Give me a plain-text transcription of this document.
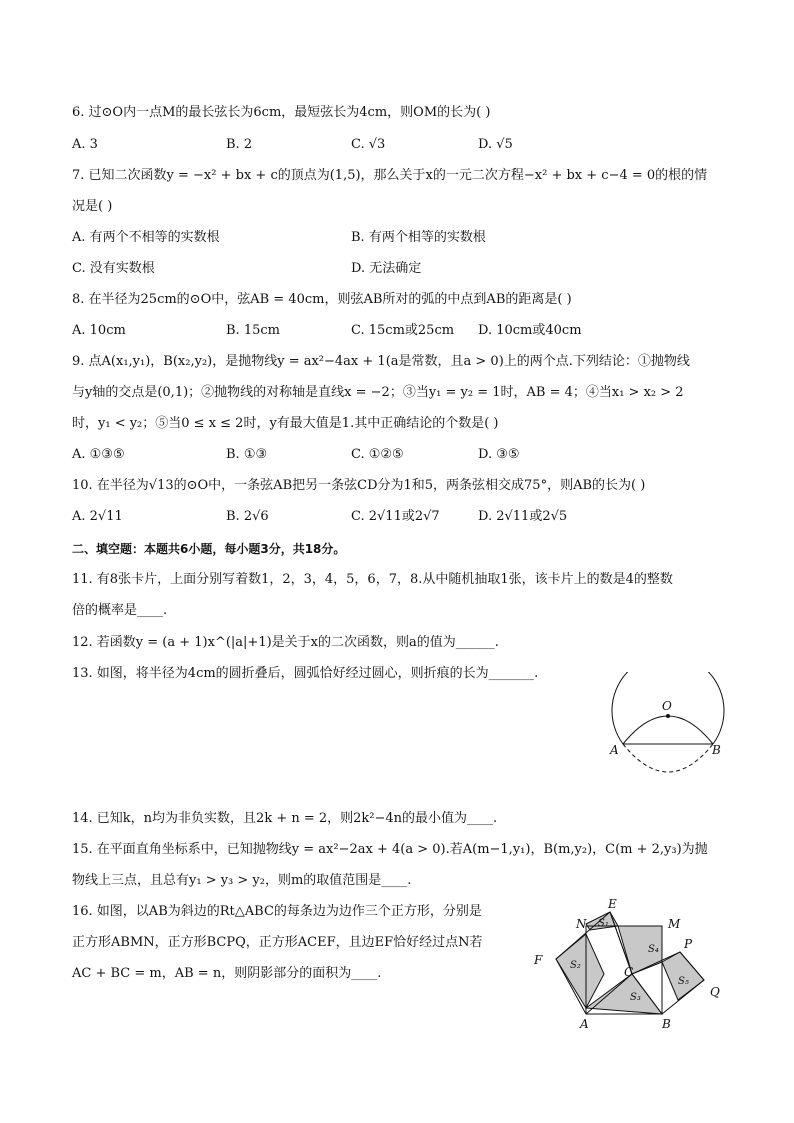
6. 过⊙O内一点M的最长弦长为6cm，最短弦长为4cm，则OM的长为( )
A. 3	B. 2	C. √3	D. √5
7. 已知二次函数y = −x² + bx + c的顶点为(1,5)，那么关于x的一元二次方程−x² + bx + c−4 = 0的根的情
况是( )
A. 有两个不相等的实数根	B. 有两个相等的实数根
C. 没有实数根	D. 无法确定
8. 在半径为25cm的⊙O中，弦AB = 40cm，则弦AB所对的弧的中点到AB的距离是( )
A. 10cm	B. 15cm	C. 15cm或25cm D. 10cm或40cm
9. 点A(x₁,y₁)，B(x₂,y₂)，是抛物线y = ax²−4ax + 1(a是常数，且a > 0)上的两个点.下列结论：①抛物线
与y轴的交点是(0,1)；②抛物线的对称轴是直线x = −2；③当y₁ = y₂ = 1时，AB = 4；④当x₁ > x₂ > 2
时，y₁ < y₂；⑤当0 ≤ x ≤ 2时，y有最大值是1.其中正确结论的个数是( )
A. ①③⑤	B. ①③	C. ①②⑤	D. ③⑤
10. 在半径为√13的⊙O中，一条弦AB把另一条弦CD分为1和5，两条弦相交成75°，则AB的长为( )
A. 2√11	B. 2√6	C. 2√11或2√7	D. 2√11或2√5
二、填空题：本题共6小题，每小题3分，共18分。
11. 有8张卡片，上面分别写着数1，2，3，4，5，6，7，8.从中随机抽取1张，该卡片上的数是4的整数
倍的概率是____.
12. 若函数y = (a + 1)x^(|a|+1)是关于x的二次函数，则a的值为______.
13. 如图，将半径为4cm的圆折叠后，圆弧恰好经过圆心，则折痕的长为_______.
O
A	B
14. 已知k，n均为非负实数，且2k + n = 2，则2k²−4n的最小值为____.
15. 在平面直角坐标系中，已知抛物线y = ax²−2ax + 4(a > 0).若A(m−1,y₁)，B(m,y₂)，C(m + 2,y₃)为抛
物线上三点，且总有y₁ > y₃ > y₂，则m的取值范围是____.
16. 如图，以AB为斜边的Rt△ABC的每条边为边作三个正方形，分别是
正方形ABMN，正方形BCPQ，正方形ACEF，且边EF恰好经过点N若
AC + BC = m，AB = n，则阴影部分的面积为____.
N
E
M
P
F
C
Q
A	B
S₁
S₂
S₃
S₄
S₅
